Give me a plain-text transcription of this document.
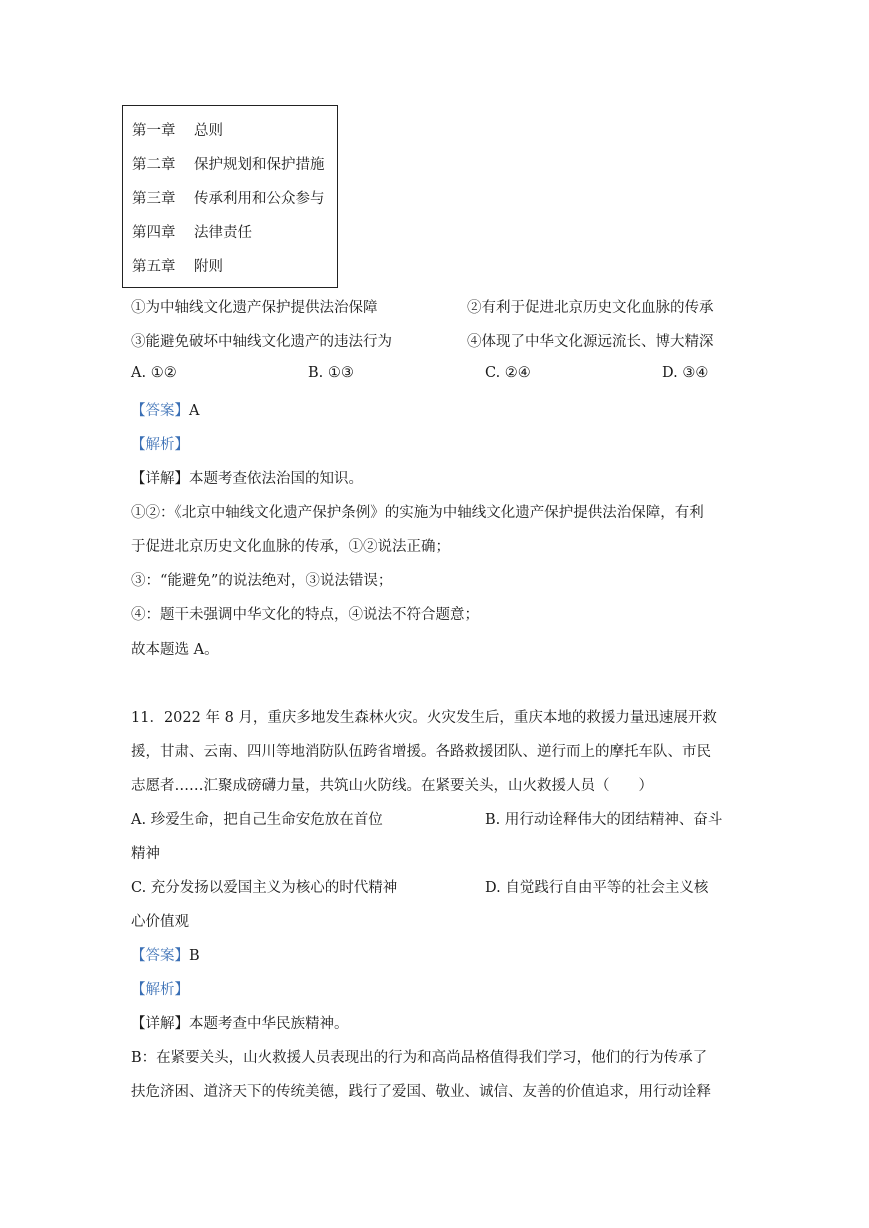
第一章 总则
第二章 保护规划和保护措施
第三章 传承利用和公众参与
第四章 法律责任
第五章 附则
①为中轴线文化遗产保护提供法治保障	②有利于促进北京历史文化血脉的传承
③能避免破坏中轴线文化遗产的违法行为	④体现了中华文化源远流长、博大精深
A. ①②	B. ①③	C. ②④	D. ③④
【答案】A
【解析】
【详解】本题考查依法治国的知识。
①②：《北京中轴线文化遗产保护条例》的实施为中轴线文化遗产保护提供法治保障，有利
于促进北京历史文化血脉的传承，①②说法正确；
③：“能避免”的说法绝对，③说法错误；
④：题干未强调中华文化的特点，④说法不符合题意；
故本题选 A。
11．2022 年 8 月，重庆多地发生森林火灾。火灾发生后，重庆本地的救援力量迅速展开救
援，甘肃、云南、四川等地消防队伍跨省增援。各路救援团队、逆行而上的摩托车队、市民
志愿者……汇聚成磅礴力量，共筑山火防线。在紧要关头，山火救援人员（　　）
A. 珍爱生命，把自己生命安危放在首位	B. 用行动诠释伟大的团结精神、奋斗
精神
C. 充分发扬以爱国主义为核心的时代精神	D. 自觉践行自由平等的社会主义核
心价值观
【答案】B
【解析】
【详解】本题考查中华民族精神。
B：在紧要关头，山火救援人员表现出的行为和高尚品格值得我们学习，他们的行为传承了
扶危济困、道济天下的传统美德，践行了爱国、敬业、诚信、友善的价值追求，用行动诠释
